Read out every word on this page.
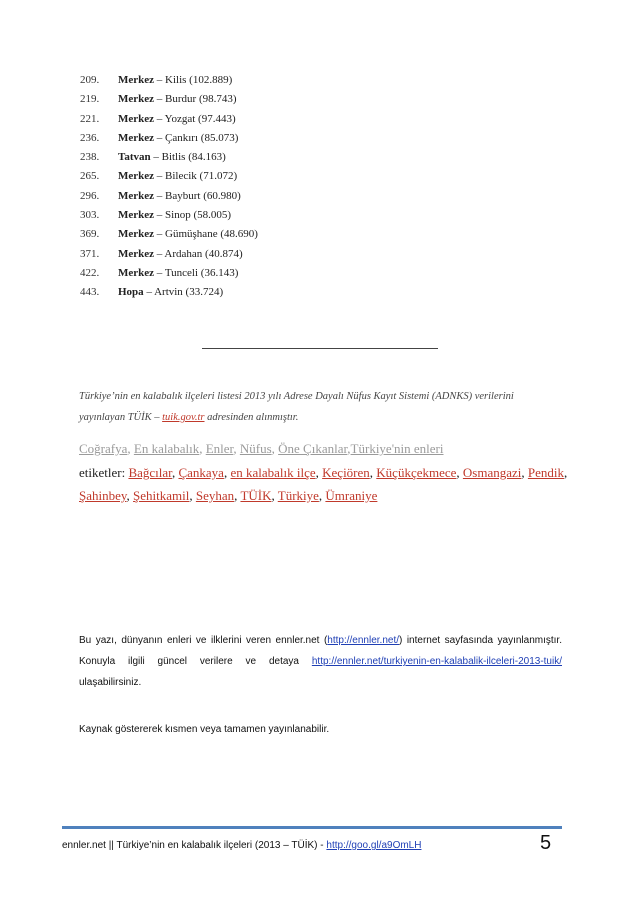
209. Merkez – Kilis (102.889)
219. Merkez – Burdur (98.743)
221. Merkez – Yozgat (97.443)
236. Merkez – Çankırı (85.073)
238. Tatvan – Bitlis (84.163)
265. Merkez – Bilecik (71.072)
296. Merkez – Bayburt (60.980)
303. Merkez – Sinop (58.005)
369. Merkez – Gümüşhane (48.690)
371. Merkez – Ardahan (40.874)
422. Merkez – Tunceli (36.143)
443. Hopa – Artvin (33.724)
Türkiye’nin en kalabalık ilçeleri listesi 2013 yılı Adrese Dayalı Nüfus Kayıt Sistemi (ADNKS) verilerini
yayınlayan TÜİK – tuik.gov.tr adresinden alınmıştır.
Coğrafya, En kalabalık, Enler, Nüfus, Öne Çıkanlar,Türkiye'nin enleri
etiketler: Bağcılar, Çankaya, en kalabalık ilçe, Keçiören, Küçükçekmece, Osmangazi, Pendik, Şahinbey, Şehitkamil, Seyhan, TÜİK, Türkiye, Ümraniye
Bu yazı, dünyanın enleri ve ilklerini veren ennler.net (http://ennler.net/) internet sayfasında yayınlanmıştır. Konuyla ilgili güncel verilere ve detaya http://ennler.net/turkiyenin-en-kalabalik-ilceleri-2013-tuik/ ulaşabilirsiniz.
Kaynak göstererek kısmen veya tamamen yayınlanabilir.
ennler.net || Türkiye’nin en kalabalık ilçeleri (2013 – TÜİK) - http://goo.gl/a9OmLH	5
